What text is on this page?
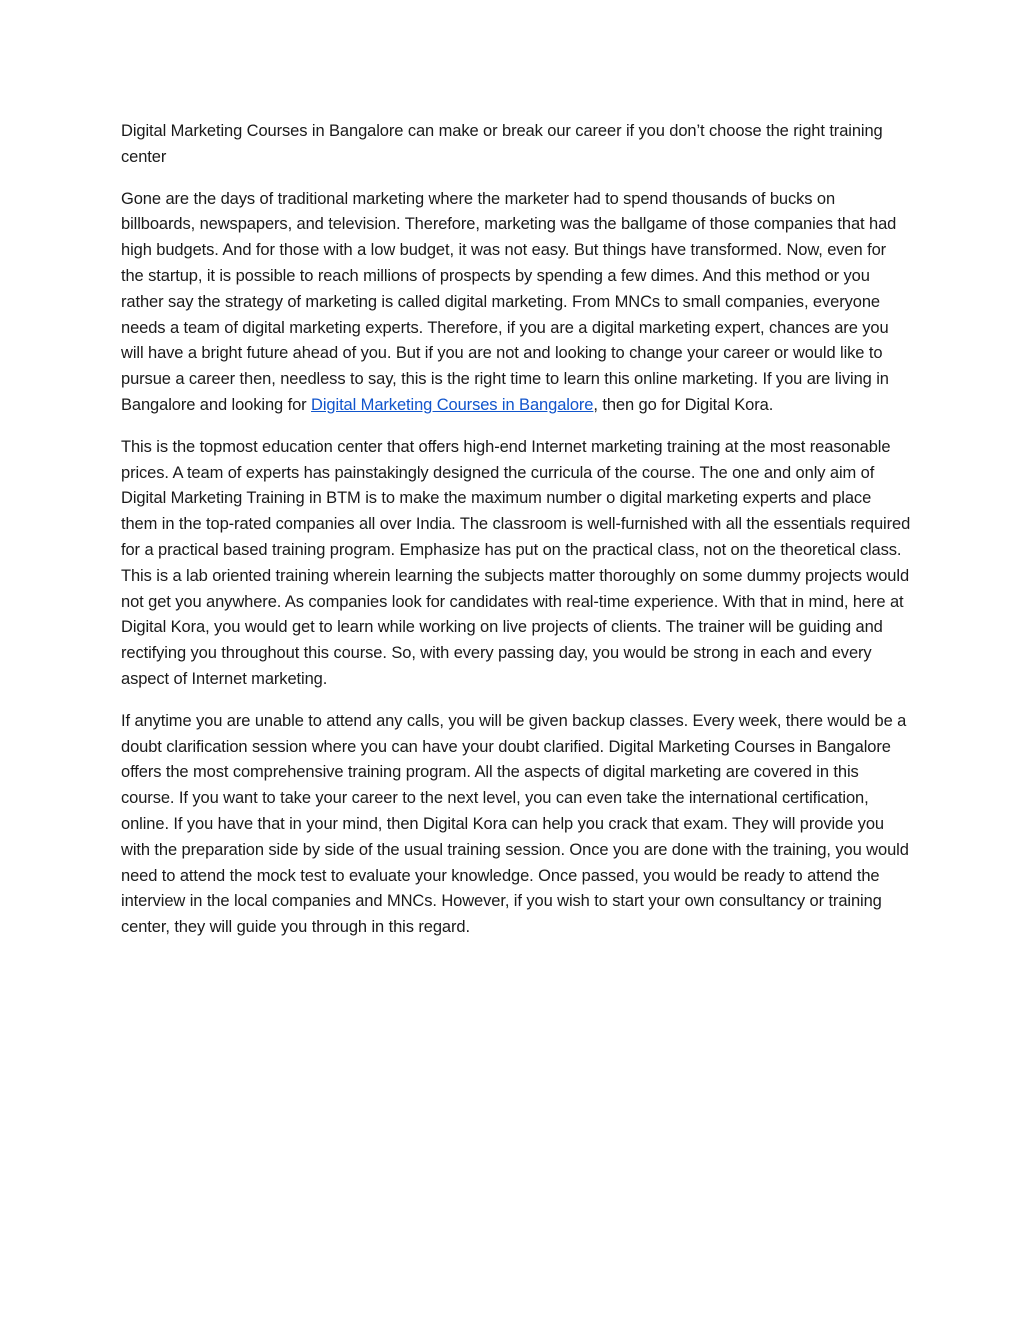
Digital Marketing Courses in Bangalore can make or break our career if you don’t choose the right training center

Gone are the days of traditional marketing where the marketer had to spend thousands of bucks on billboards, newspapers, and television. Therefore, marketing was the ballgame of those companies that had high budgets. And for those with a low budget, it was not easy. But things have transformed. Now, even for the startup, it is possible to reach millions of prospects by spending a few dimes. And this method or you rather say the strategy of marketing is called digital marketing. From MNCs to small companies, everyone needs a team of digital marketing experts. Therefore, if you are a digital marketing expert, chances are you will have a bright future ahead of you. But if you are not and looking to change your career or would like to pursue a career then, needless to say, this is the right time to learn this online marketing. If you are living in Bangalore and looking for Digital Marketing Courses in Bangalore, then go for Digital Kora.

This is the topmost education center that offers high-end Internet marketing training at the most reasonable prices. A team of experts has painstakingly designed the curricula of the course. The one and only aim of Digital Marketing Training in BTM is to make the maximum number o digital marketing experts and place them in the top-rated companies all over India. The classroom is well-furnished with all the essentials required for a practical based training program. Emphasize has put on the practical class, not on the theoretical class. This is a lab oriented training wherein learning the subjects matter thoroughly on some dummy projects would not get you anywhere. As companies look for candidates with real-time experience. With that in mind, here at Digital Kora, you would get to learn while working on live projects of clients. The trainer will be guiding and rectifying you throughout this course. So, with every passing day, you would be strong in each and every aspect of Internet marketing.

If anytime you are unable to attend any calls, you will be given backup classes. Every week, there would be a doubt clarification session where you can have your doubt clarified. Digital Marketing Courses in Bangalore offers the most comprehensive training program. All the aspects of digital marketing are covered in this course. If you want to take your career to the next level, you can even take the international certification, online. If you have that in your mind, then Digital Kora can help you crack that exam. They will provide you with the preparation side by side of the usual training session. Once you are done with the training, you would need to attend the mock test to evaluate your knowledge. Once passed, you would be ready to attend the interview in the local companies and MNCs. However, if you wish to start your own consultancy or training center, they will guide you through in this regard.
